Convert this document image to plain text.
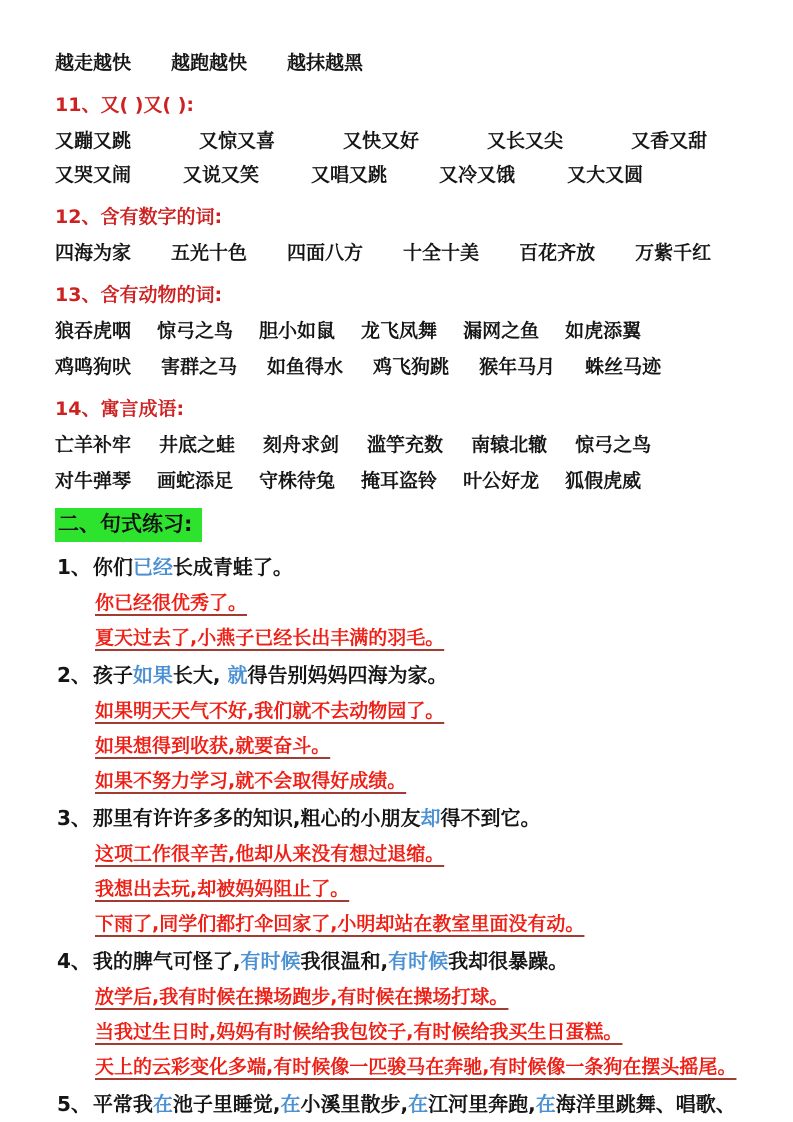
越走越快 越跑越快 越抹越黑
11、又( )又( ):
又蹦又跳	又惊又喜	又快又好	又长又尖	又香又甜
又哭又闹	又说又笑	又唱又跳	又冷又饿	又大又圆
12、含有数字的词:
四海为家 五光十色 四面八方 十全十美 百花齐放 万紫千红
13、含有动物的词:
狼吞虎咽 惊弓之鸟 胆小如鼠 龙飞凤舞 漏网之鱼 如虎添翼
鸡鸣狗吠 害群之马 如鱼得水 鸡飞狗跳 猴年马月 蛛丝马迹
14、寓言成语:
亡羊补牢 井底之蛙 刻舟求剑 滥竽充数 南辕北辙 惊弓之鸟
对牛弹琴 画蛇添足 守株待兔 掩耳盗铃 叶公好龙 狐假虎威
二、句式练习:
1、 你们已经长成青蛙了。
你已经很优秀了。
夏天过去了,小燕子已经长出丰满的羽毛。
2、 孩子如果长大, 就得告别妈妈四海为家。
如果明天天气不好,我们就不去动物园了。
如果想得到收获,就要奋斗。
如果不努力学习,就不会取得好成绩。
3、 那里有许许多多的知识,粗心的小朋友却得不到它。
这项工作很辛苦,他却从来没有想过退缩。
我想出去玩,却被妈妈阻止了。
下雨了,同学们都打伞回家了,小明却站在教室里面没有动。
4、 我的脾气可怪了,有时候我很温和,有时候我却很暴躁。
放学后,我有时候在操场跑步,有时候在操场打球。
当我过生日时,妈妈有时候给我包饺子,有时候给我买生日蛋糕。
天上的云彩变化多端,有时候像一匹骏马在奔驰,有时候像一条狗在摆头摇尾。
5、 平常我在池子里睡觉,在小溪里散步,在江河里奔跑,在海洋里跳舞、唱歌、
